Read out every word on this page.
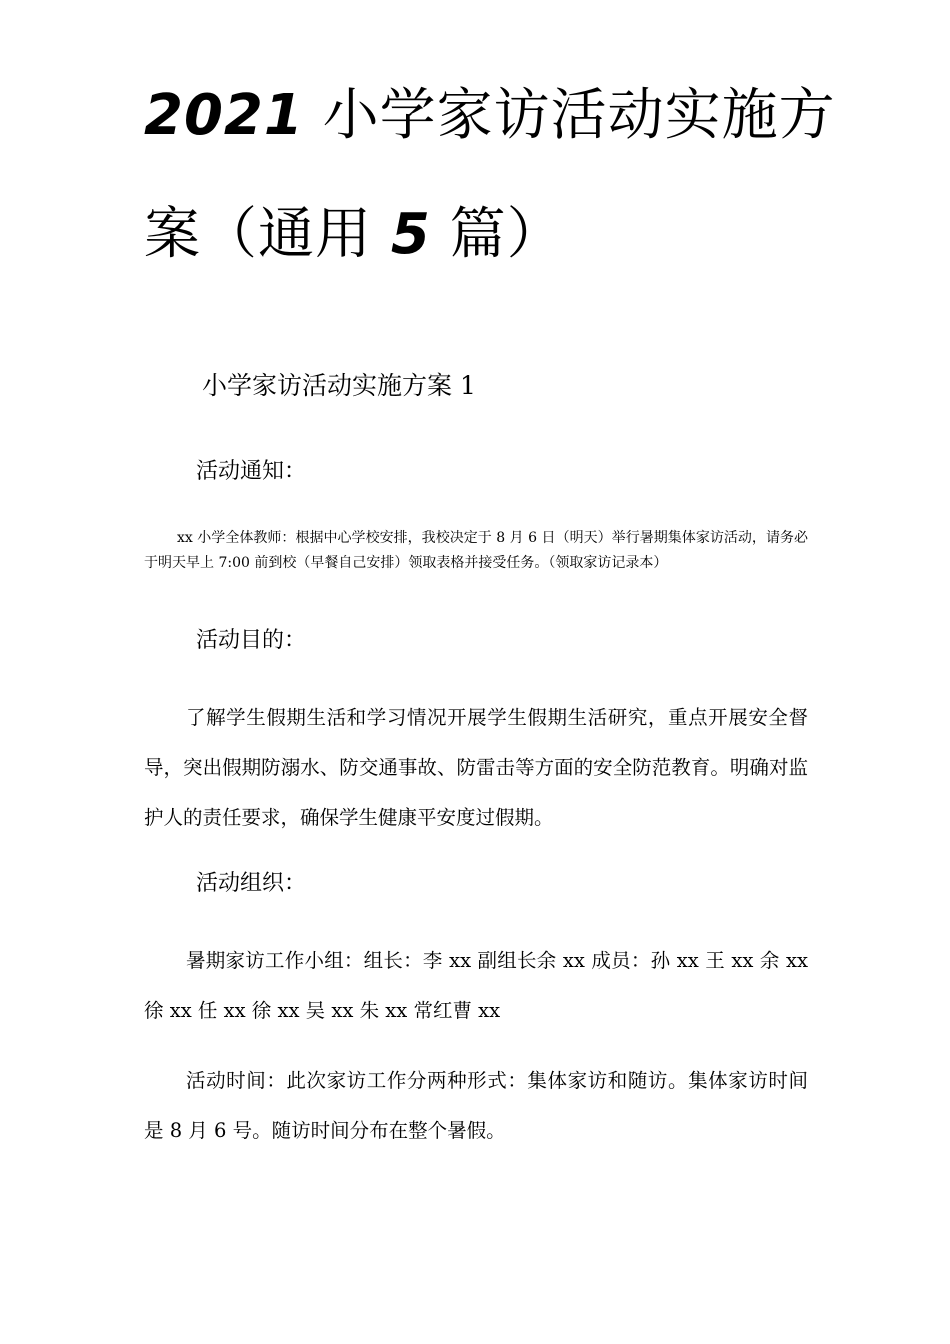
2021 小学家访活动实施方
案（通用 5 篇）
小学家访活动实施方案 1
活动通知：

xx 小学全体教师：根据中心学校安排，我校决定于 8 月 6 日（明天）举行暑期集体家访活动，请务必于明天早上 7:00 前到校（早餐自己安排）领取表格并接受任务。（领取家访记录本）

活动目的：

了解学生假期生活和学习情况开展学生假期生活研究，重点开展安全督导，突出假期防溺水、防交通事故、防雷击等方面的安全防范教育。明确对监护人的责任要求，确保学生健康平安度过假期。

活动组织：

暑期家访工作小组：组长：李 xx 副组长余 xx 成员：孙 xx 王 xx 余 xx 徐 xx 任 xx 徐 xx 吴 xx 朱 xx 常红曹 xx

活动时间：此次家访工作分两种形式：集体家访和随访。集体家访时间是 8 月 6 号。随访时间分布在整个暑假。
